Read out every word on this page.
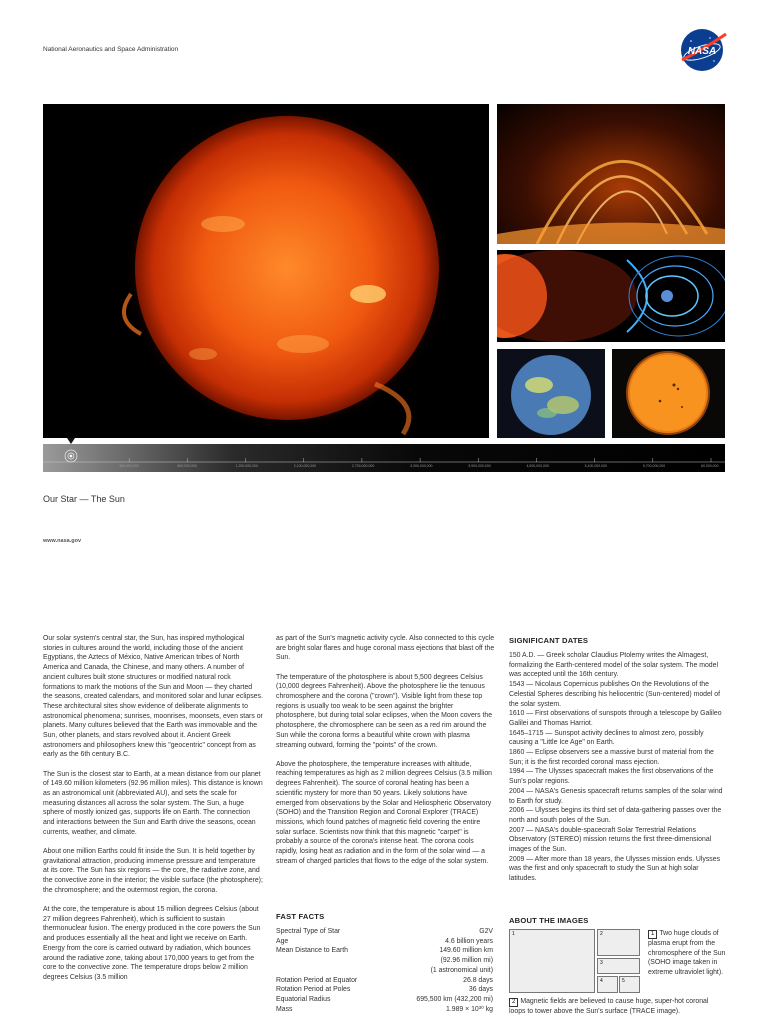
National Aeronautics and Space Administration	NASA
0	300,000,000	600,000,000	1,200,000,000	2,100,000,000	2,700,000,000	3,300,000,000	3,900,000,000	4,500,000,000	5,100,000,000	5,700,000,000	60,000,000
Our Star — The Sun
www.nasa.gov

Our solar system's central star, the Sun, has inspired mythological stories in cultures around the world, including those of the ancient Egyptians, the Aztecs of México, Native American tribes of North America and Canada, the Chinese, and many others. A number of ancient cultures built stone structures or modified natural rock formations to mark the motions of the Sun and Moon — they charted the seasons, created calendars, and monitored solar and lunar eclipses. These architectural sites show evidence of deliberate alignments to astronomical phenomena; sunrises, moonrises, moonsets, even stars or planets. Many cultures believed that the Earth was immovable and the Sun, other planets, and stars revolved about it. Ancient Greek astronomers and philosophers knew this "geocentric" concept from as early as the 6th century B.C.

The Sun is the closest star to Earth, at a mean distance from our planet of 149.60 million kilometers (92.96 million miles). This distance is known as an astronomical unit (abbreviated AU), and sets the scale for measuring distances all across the solar system. The Sun, a huge sphere of mostly ionized gas, supports life on Earth. The connection and interactions between the Sun and Earth drive the seasons, ocean currents, weather, and climate.

About one million Earths could fit inside the Sun. It is held together by gravitational attraction, producing immense pressure and temperature at its core. The Sun has six regions — the core, the radiative zone, and the convective zone in the interior; the visible surface (the photosphere); the chromosphere; and the outermost region, the corona.

At the core, the temperature is about 15 million degrees Celsius (about 27 million degrees Fahrenheit), which is sufficient to sustain thermonuclear fusion. The energy produced in the core powers the Sun and produces essentially all the heat and light we receive on Earth. Energy from the core is carried outward by radiation, which bounces around the radiative zone, taking about 170,000 years to get from the core to the convective zone. The temperature drops below 2 million degrees Celsius (3.5 million

as part of the Sun's magnetic activity cycle. Also connected to this cycle are bright solar flares and huge coronal mass ejections that blast off the Sun.

The temperature of the photosphere is about 5,500 degrees Celsius (10,000 degrees Fahrenheit). Above the photosphere lie the tenuous chromosphere and the corona ("crown"). Visible light from these top regions is usually too weak to be seen against the brighter photosphere, but during total solar eclipses, when the Moon covers the photosphere, the chromosphere can be seen as a red rim around the Sun while the corona forms a beautiful white crown with plasma streaming outward, forming the "points" of the crown.

Above the photosphere, the temperature increases with altitude, reaching temperatures as high as 2 million degrees Celsius (3.5 million degrees Fahrenheit). The source of coronal heating has been a scientific mystery for more than 50 years. Likely solutions have emerged from observations by the Solar and Heliospheric Observatory (SOHO) and the Transition Region and Coronal Explorer (TRACE) missions, which found patches of magnetic field covering the entire solar surface. Scientists now think that this magnetic "carpet" is probably a source of the corona's intense heat. The corona cools rapidly, losing heat as radiation and in the form of the solar wind — a stream of charged particles that flows to the edge of the solar system.

FAST FACTS
Spectral Type of Star	G2V
Age	4.6 billion years
Mean Distance to Earth	149.60 million km
(92.96 million mi)
(1 astronomical unit)
Rotation Period at Equator	26.8 days
Rotation Period at Poles	36 days
Equatorial Radius	695,500 km (432,200 mi)
Mass	1.989 × 10³⁰ kg
SIGNIFICANT DATES
150 A.D. — Greek scholar Claudius Ptolemy writes the Almagest, formalizing the Earth-centered model of the solar system. The model was accepted until the 16th century.
1543 — Nicolaus Copernicus publishes On the Revolutions of the Celestial Spheres describing his heliocentric (Sun-centered) model of the solar system.
1610 — First observations of sunspots through a telescope by Galileo Galilei and Thomas Harriot.
1645–1715 — Sunspot activity declines to almost zero, possibly causing a "Little Ice Age" on Earth.
1860 — Eclipse observers see a massive burst of material from the Sun; it is the first recorded coronal mass ejection.
1994 — The Ulysses spacecraft makes the first observations of the Sun's polar regions.
2004 — NASA's Genesis spacecraft returns samples of the solar wind to Earth for study.
2006 — Ulysses begins its third set of data-gathering passes over the north and south poles of the Sun.
2007 — NASA's double-spacecraft Solar Terrestrial Relations Observatory (STEREO) mission returns the first three-dimensional images of the Sun.
2009 — After more than 18 years, the Ulysses mission ends. Ulysses was the first and only spacecraft to study the Sun at high solar latitudes.
ABOUT THE IMAGES
1	2
3
4	5
1 Two huge clouds of plasma erupt from the chromosphere of the Sun (SOHO image taken in extreme ultraviolet light).
2 Magnetic fields are believed to cause huge, super-hot coronal loops to tower above the Sun's surface (TRACE image).
